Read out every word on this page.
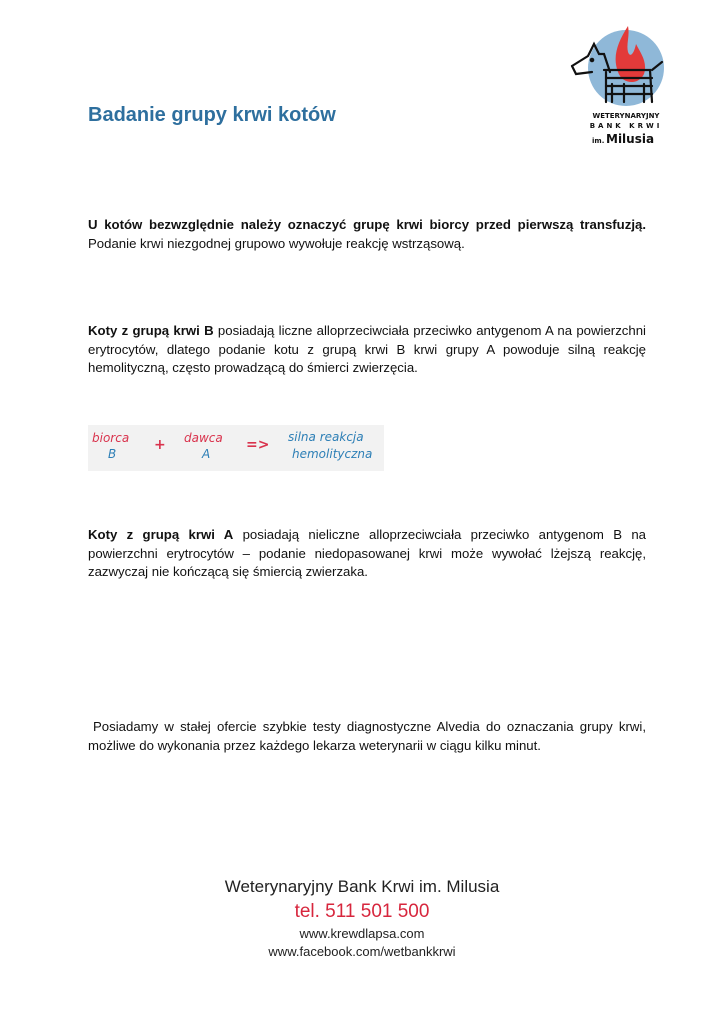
Badanie grupy krwi kotów	WETERYNARYJNY
BANK KRWI
im. Milusia

U kotów bezwzględnie należy oznaczyć grupę krwi biorcy przed pierwszą transfuzją. Podanie krwi niezgodnej grupowo wywołuje reakcję wstrząsową.

Koty z grupą krwi B posiadają liczne alloprzeciwciała przeciwko antygenom A na powierzchni erytrocytów, dlatego podanie kotu z grupą krwi B krwi grupy A powoduje silną reakcję hemolityczną, często prowadzącą do śmierci zwierzęcia.

biorca
B
+ dawca
A
=> silna reakcja
hemolityczna

Koty z grupą krwi A posiadają nieliczne alloprzeciwciała przeciwko antygenom B na powierzchni erytrocytów – podanie niedopasowanej krwi może wywołać lżejszą reakcję, zazwyczaj nie kończącą się śmiercią zwierzaka.

Posiadamy w stałej ofercie szybkie testy diagnostyczne Alvedia do oznaczania grupy krwi, możliwe do wykonania przez każdego lekarza weterynarii w ciągu kilku minut.

Weterynaryjny Bank Krwi im. Milusia
tel. 511 501 500
www.krewdlapsa.com
www.facebook.com/wetbankkrwi
